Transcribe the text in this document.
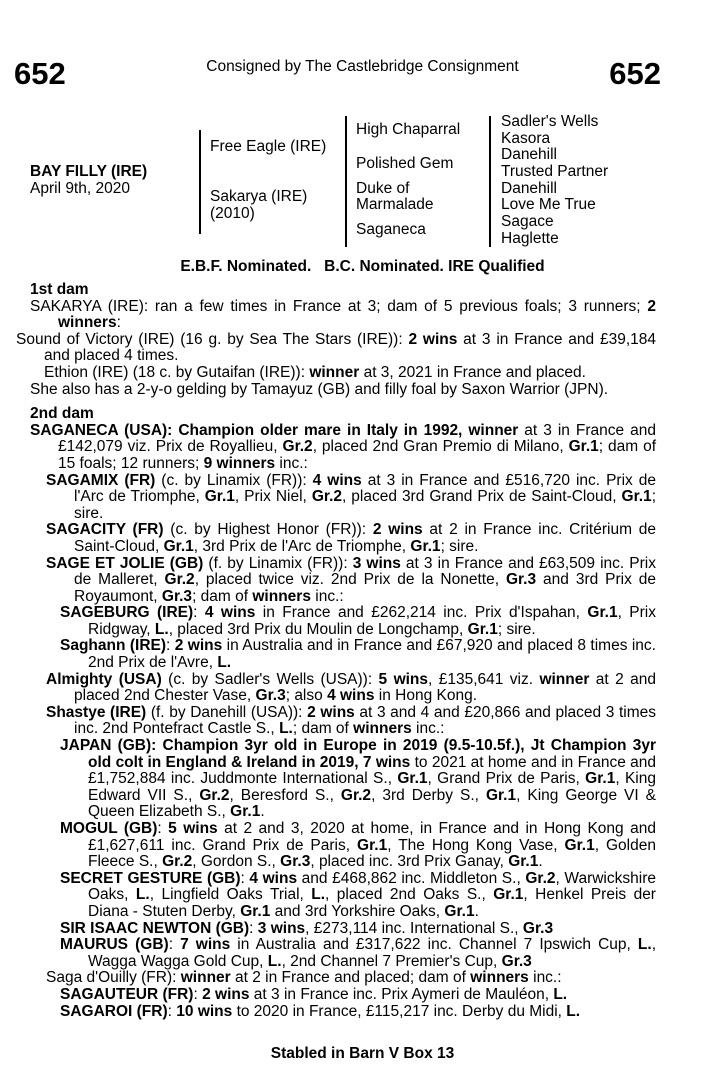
652	Consigned by The Castlebridge Consignment	652
BAY FILLY (IRE)
April 9th, 2020
Free Eagle (IRE)
Sakarya (IRE)
(2010)
High Chaparral
Polished Gem
Duke of
Marmalade
Saganeca
Sadler's Wells
Kasora
Danehill
Trusted Partner
Danehill
Love Me True
Sagace
Haglette
E.B.F. Nominated.   B.C. Nominated. IRE Qualified
1st dam
SAKARYA (IRE): ran a few times in France at 3; dam of 5 previous foals; 3 runners; 2 winners:
Sound of Victory (IRE) (16 g. by Sea The Stars (IRE)): 2 wins at 3 in France and £39,184 and placed 4 times.
Ethion (IRE) (18 c. by Gutaifan (IRE)): winner at 3, 2021 in France and placed.
She also has a 2-y-o gelding by Tamayuz (GB) and filly foal by Saxon Warrior (JPN).
2nd dam
SAGANECA (USA): Champion older mare in Italy in 1992, winner at 3 in France and £142,079 viz. Prix de Royallieu, Gr.2, placed 2nd Gran Premio di Milano, Gr.1; dam of 15 foals; 12 runners; 9 winners inc.:
SAGAMIX (FR) (c. by Linamix (FR)): 4 wins at 3 in France and £516,720 inc. Prix de l'Arc de Triomphe, Gr.1, Prix Niel, Gr.2, placed 3rd Grand Prix de Saint-Cloud, Gr.1; sire.
SAGACITY (FR) (c. by Highest Honor (FR)): 2 wins at 2 in France inc. Critérium de Saint-Cloud, Gr.1, 3rd Prix de l'Arc de Triomphe, Gr.1; sire.
SAGE ET JOLIE (GB) (f. by Linamix (FR)): 3 wins at 3 in France and £63,509 inc. Prix de Malleret, Gr.2, placed twice viz. 2nd Prix de la Nonette, Gr.3 and 3rd Prix de Royaumont, Gr.3; dam of winners inc.:
SAGEBURG (IRE): 4 wins in France and £262,214 inc. Prix d'Ispahan, Gr.1, Prix Ridgway, L., placed 3rd Prix du Moulin de Longchamp, Gr.1; sire.
Saghann (IRE): 2 wins in Australia and in France and £67,920 and placed 8 times inc. 2nd Prix de l'Avre, L.
Almighty (USA) (c. by Sadler's Wells (USA)): 5 wins, £135,641 viz. winner at 2 and placed 2nd Chester Vase, Gr.3; also 4 wins in Hong Kong.
Shastye (IRE) (f. by Danehill (USA)): 2 wins at 3 and 4 and £20,866 and placed 3 times inc. 2nd Pontefract Castle S., L.; dam of winners inc.:
JAPAN (GB): Champion 3yr old in Europe in 2019 (9.5-10.5f.), Jt Champion 3yr old colt in England & Ireland in 2019, 7 wins to 2021 at home and in France and £1,752,884 inc. Juddmonte International S., Gr.1, Grand Prix de Paris, Gr.1, King Edward VII S., Gr.2, Beresford S., Gr.2, 3rd Derby S., Gr.1, King George VI & Queen Elizabeth S., Gr.1.
MOGUL (GB): 5 wins at 2 and 3, 2020 at home, in France and in Hong Kong and £1,627,611 inc. Grand Prix de Paris, Gr.1, The Hong Kong Vase, Gr.1, Golden Fleece S., Gr.2, Gordon S., Gr.3, placed inc. 3rd Prix Ganay, Gr.1.
SECRET GESTURE (GB): 4 wins and £468,862 inc. Middleton S., Gr.2, Warwickshire Oaks, L., Lingfield Oaks Trial, L., placed 2nd Oaks S., Gr.1, Henkel Preis der Diana - Stuten Derby, Gr.1 and 3rd Yorkshire Oaks, Gr.1.
SIR ISAAC NEWTON (GB): 3 wins, £273,114 inc. International S., Gr.3
MAURUS (GB): 7 wins in Australia and £317,622 inc. Channel 7 Ipswich Cup, L., Wagga Wagga Gold Cup, L., 2nd Channel 7 Premier's Cup, Gr.3
Saga d'Ouilly (FR): winner at 2 in France and placed; dam of winners inc.:
SAGAUTEUR (FR): 2 wins at 3 in France inc. Prix Aymeri de Mauléon, L.
SAGAROI (FR): 10 wins to 2020 in France, £115,217 inc. Derby du Midi, L.
Stabled in Barn V Box 13
